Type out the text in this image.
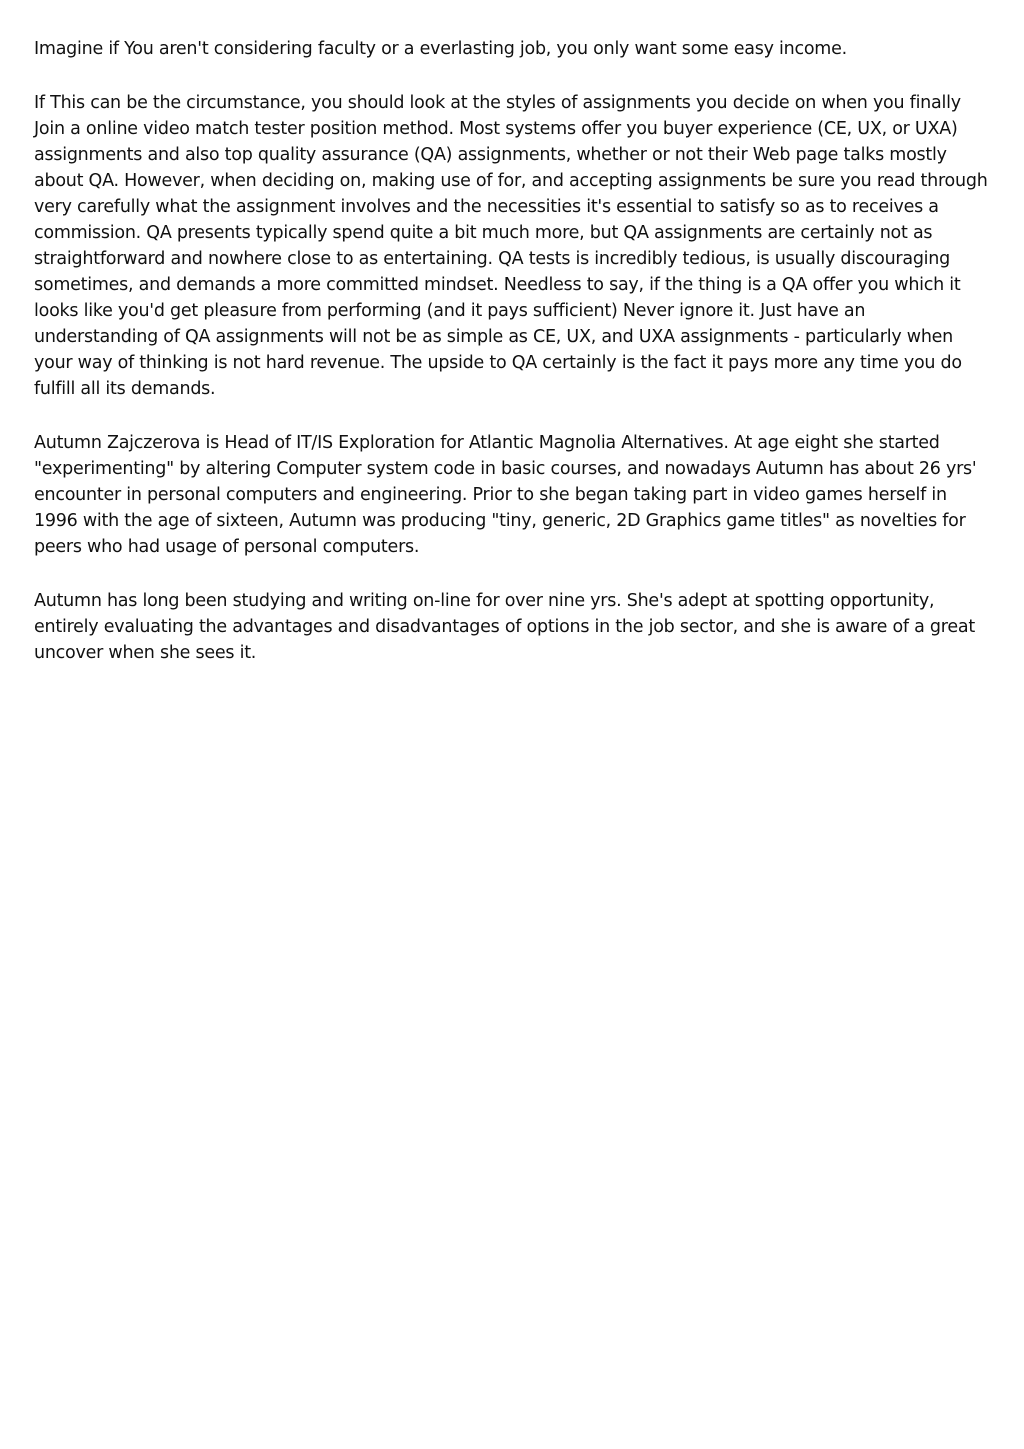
Imagine if You aren't considering faculty or a everlasting job, you only want some easy income.

If This can be the circumstance, you should look at the styles of assignments you decide on when you finally Join a online video match tester position method. Most systems offer you buyer experience (CE, UX, or UXA) assignments and also top quality assurance (QA) assignments, whether or not their Web page talks mostly about QA. However, when deciding on, making use of for, and accepting assignments be sure you read through very carefully what the assignment involves and the necessities it's essential to satisfy so as to receives a commission. QA presents typically spend quite a bit much more, but QA assignments are certainly not as straightforward and nowhere close to as entertaining. QA tests is incredibly tedious, is usually discouraging sometimes, and demands a more committed mindset. Needless to say, if the thing is a QA offer you which it looks like you'd get pleasure from performing (and it pays sufficient) Never ignore it. Just have an understanding of QA assignments will not be as simple as CE, UX, and UXA assignments - particularly when your way of thinking is not hard revenue. The upside to QA certainly is the fact it pays more any time you do fulfill all its demands.

Autumn Zajczerova is Head of IT/IS Exploration for Atlantic Magnolia Alternatives. At age eight she started "experimenting" by altering Computer system code in basic courses, and nowadays Autumn has about 26 yrs' encounter in personal computers and engineering. Prior to she began taking part in video games herself in 1996 with the age of sixteen, Autumn was producing "tiny, generic, 2D Graphics game titles" as novelties for peers who had usage of personal computers.

Autumn has long been studying and writing on-line for over nine yrs. She's adept at spotting opportunity, entirely evaluating the advantages and disadvantages of options in the job sector, and she is aware of a great uncover when she sees it.
